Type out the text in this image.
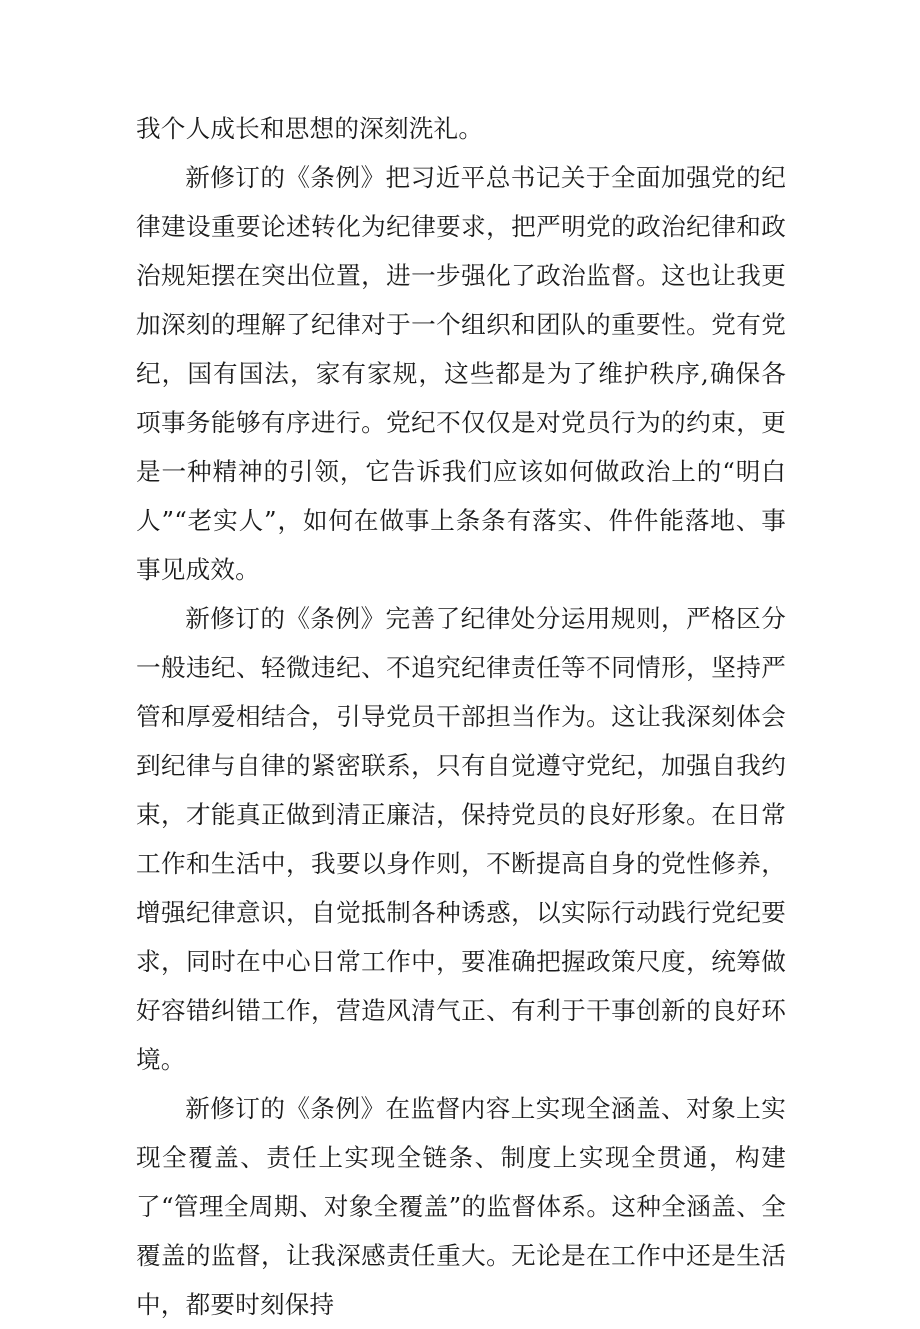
我个人成长和思想的深刻洗礼。

新修订的《条例》把习近平总书记关于全面加强党的纪律建设重要论述转化为纪律要求，把严明党的政治纪律和政治规矩摆在突出位置，进一步强化了政治监督。这也让我更加深刻的理解了纪律对于一个组织和团队的重要性。党有党纪，国有国法，家有家规，这些都是为了维护秩序,确保各项事务能够有序进行。党纪不仅仅是对党员行为的约束，更是一种精神的引领，它告诉我们应该如何做政治上的“明白人”“老实人”，如何在做事上条条有落实、件件能落地、事事见成效。

新修订的《条例》完善了纪律处分运用规则，严格区分一般违纪、轻微违纪、不追究纪律责任等不同情形，坚持严管和厚爱相结合，引导党员干部担当作为。这让我深刻体会到纪律与自律的紧密联系，只有自觉遵守党纪，加强自我约束，才能真正做到清正廉洁，保持党员的良好形象。在日常工作和生活中，我要以身作则，不断提高自身的党性修养，增强纪律意识，自觉抵制各种诱惑，以实际行动践行党纪要求，同时在中心日常工作中，要准确把握政策尺度，统筹做好容错纠错工作，营造风清气正、有利于干事创新的良好环境。

新修订的《条例》在监督内容上实现全涵盖、对象上实现全覆盖、责任上实现全链条、制度上实现全贯通，构建了“管理全周期、对象全覆盖”的监督体系。这种全涵盖、全覆盖的监督，让我深感责任重大。无论是在工作中还是生活中，都要时刻保持
